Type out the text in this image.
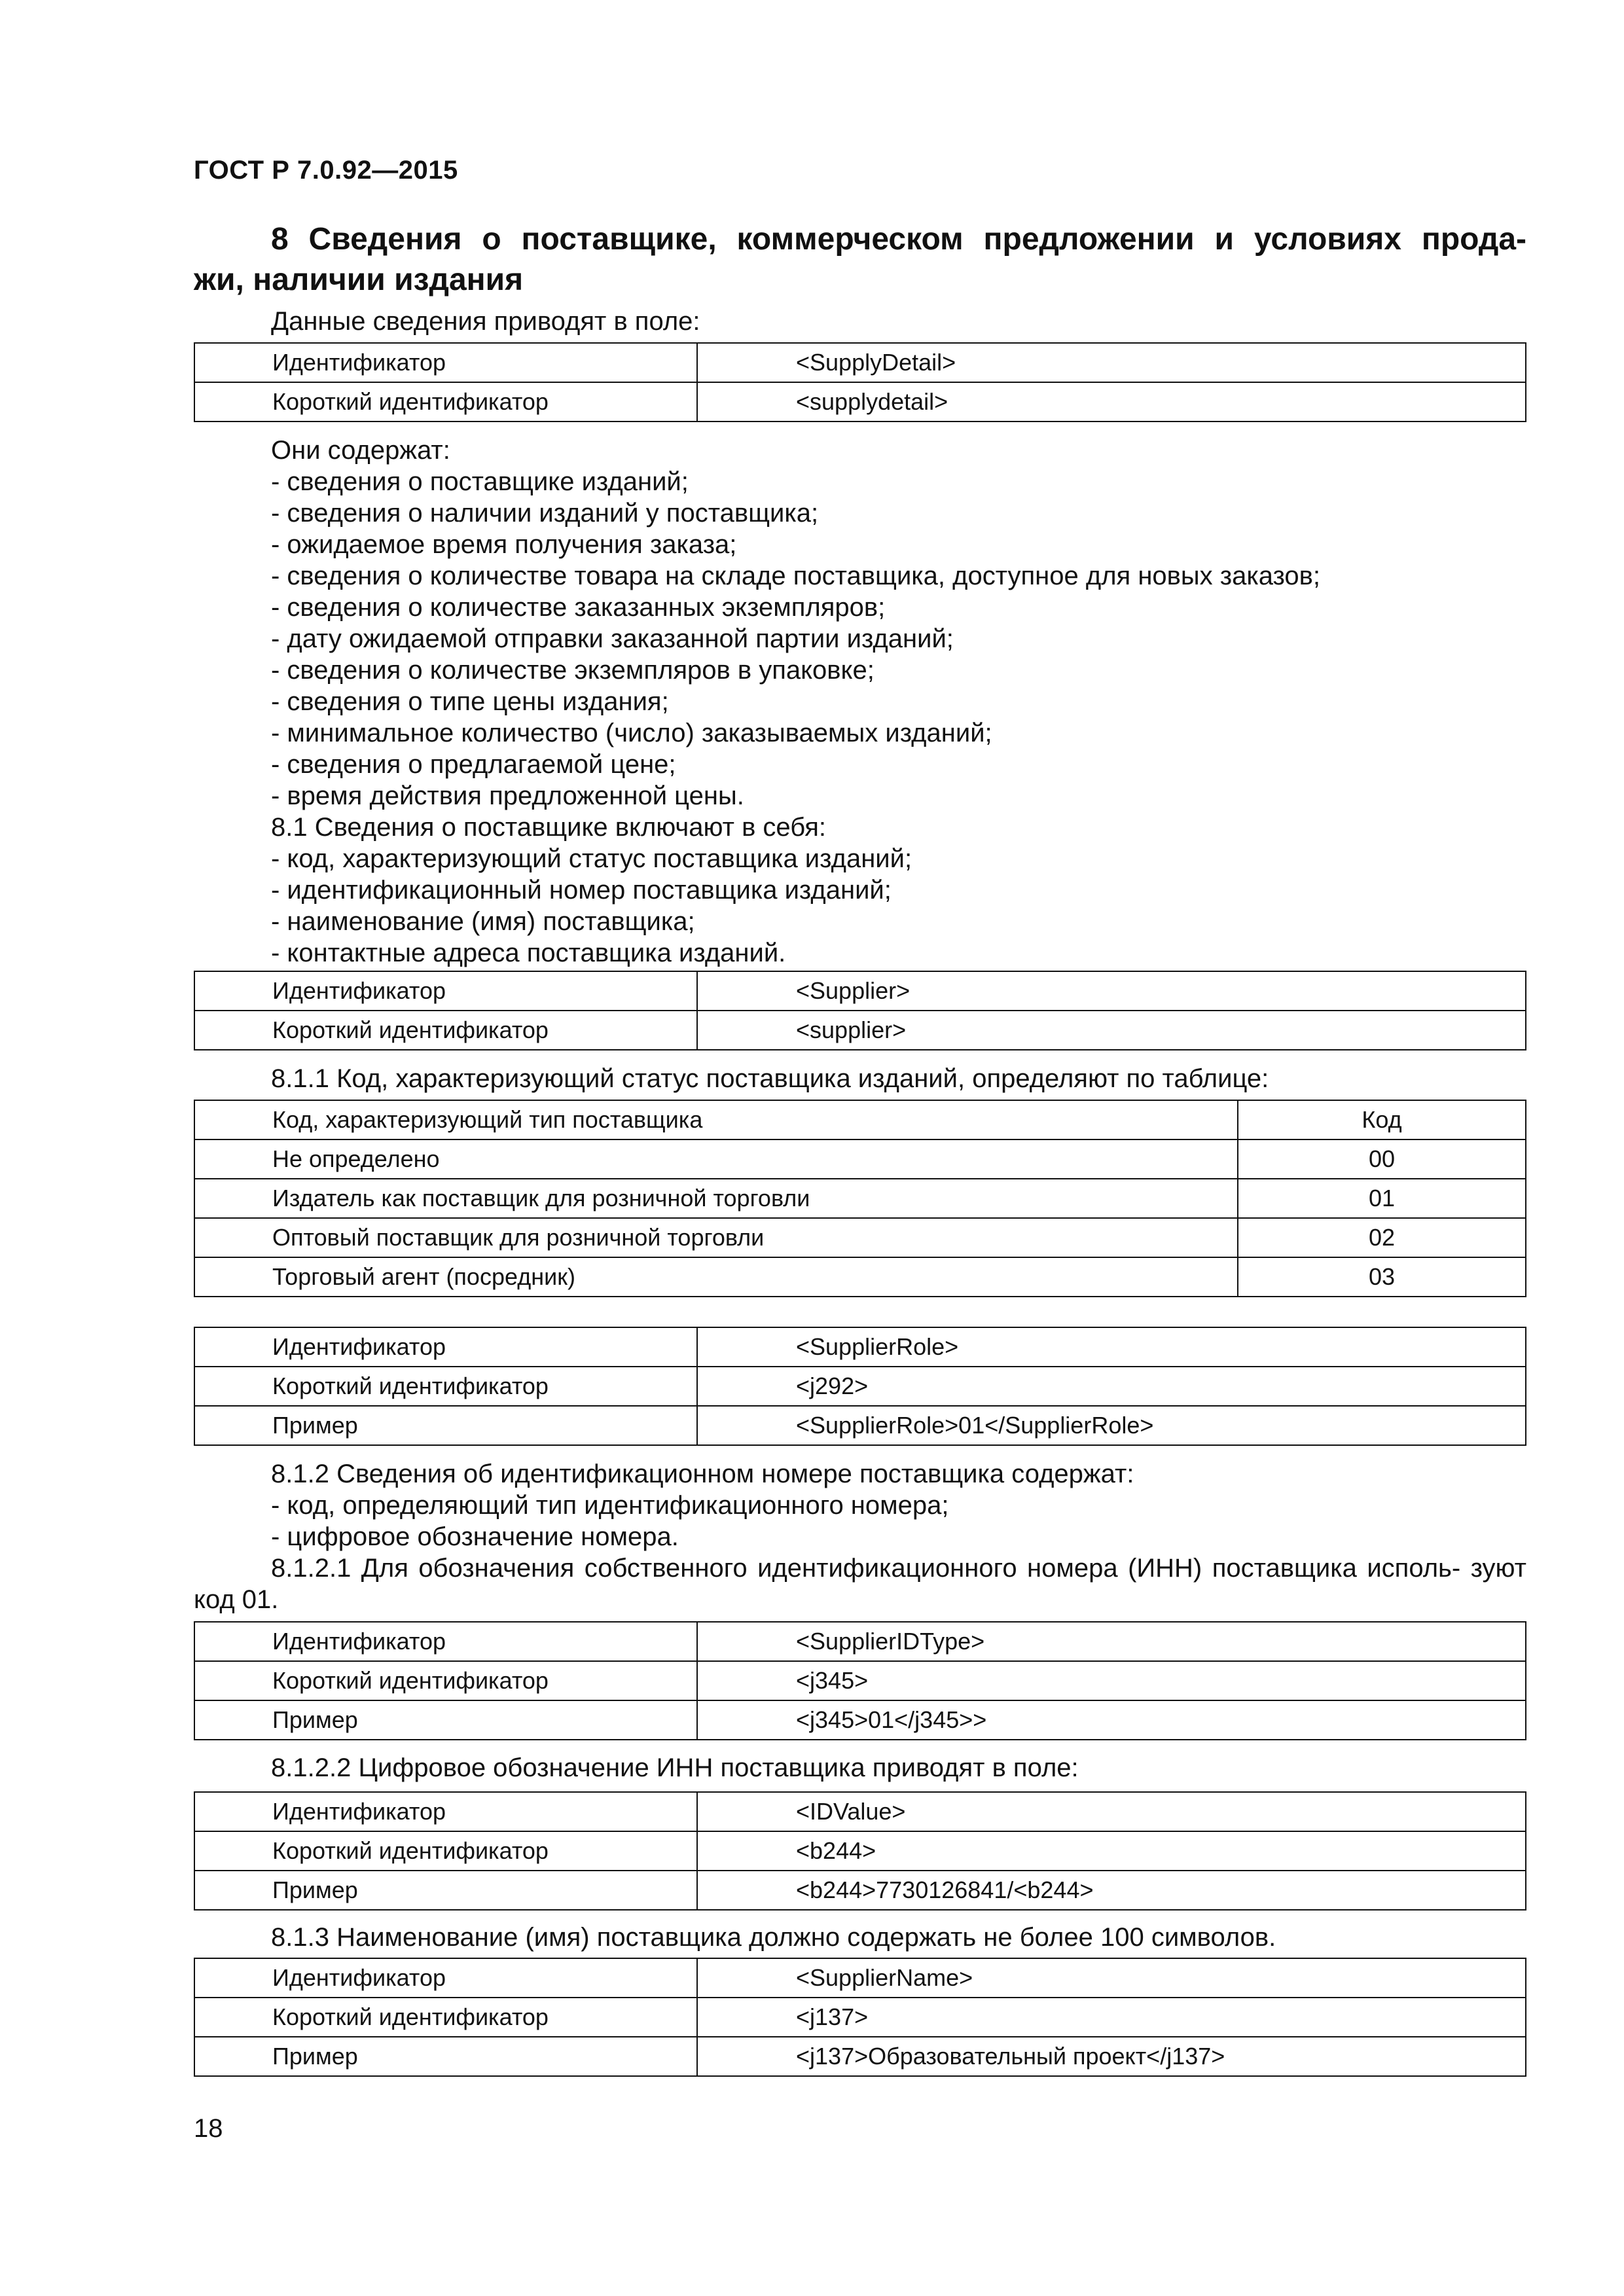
ГОСТ Р 7.0.92—2015
8 Сведения о поставщике, коммерческом предложении и условиях прода-
жи, наличии издания
Данные сведения приводят в поле:
Идентификатор	<SupplyDetail>
Короткий идентификатор	<supplydetail>
Они содержат:
- сведения о поставщике изданий;
- сведения о наличии изданий у поставщика;
- ожидаемое время получения заказа;
- сведения о количестве товара на складе поставщика, доступное для новых заказов;
- сведения о количестве заказанных экземпляров;
- дату ожидаемой отправки заказанной партии изданий;
- сведения о количестве экземпляров в упаковке;
- сведения о типе цены издания;
- минимальное количество (число) заказываемых изданий;
- сведения о предлагаемой цене;
- время действия предложенной цены.
8.1 Сведения о поставщике включают в себя:
- код, характеризующий статус поставщика изданий;
- идентификационный номер поставщика изданий;
- наименование (имя) поставщика;
- контактные адреса поставщика изданий.
Идентификатор	<Supplier>
Короткий идентификатор	<supplier>
8.1.1 Код, характеризующий статус поставщика изданий, определяют по таблице:
Код, характеризующий тип поставщика	Код
Не определено	00
Издатель как поставщик для розничной торговли	01
Оптовый поставщик для розничной торговли	02
Торговый агент (посредник)	03
Идентификатор	<SupplierRole>
Короткий идентификатор	<j292>
Пример	<SupplierRole>01</SupplierRole>
8.1.2 Сведения об идентификационном номере поставщика содержат:
- код, определяющий тип идентификационного номера;
- цифровое обозначение номера.
8.1.2.1 Для обозначения собственного идентификационного номера (ИНН) поставщика исполь- зуют код 01.
Идентификатор	<SupplierIDType>
Короткий идентификатор	<j345>
Пример	<j345>01</j345>>
8.1.2.2 Цифровое обозначение ИНН поставщика приводят в поле:
Идентификатор	<IDValue>
Короткий идентификатор	<b244>
Пример	<b244>7730126841/<b244>
8.1.3 Наименование (имя) поставщика должно содержать не более 100 символов.
Идентификатор	<SupplierName>
Короткий идентификатор	<j137>
Пример	<j137>Образовательный проект</j137>
18
